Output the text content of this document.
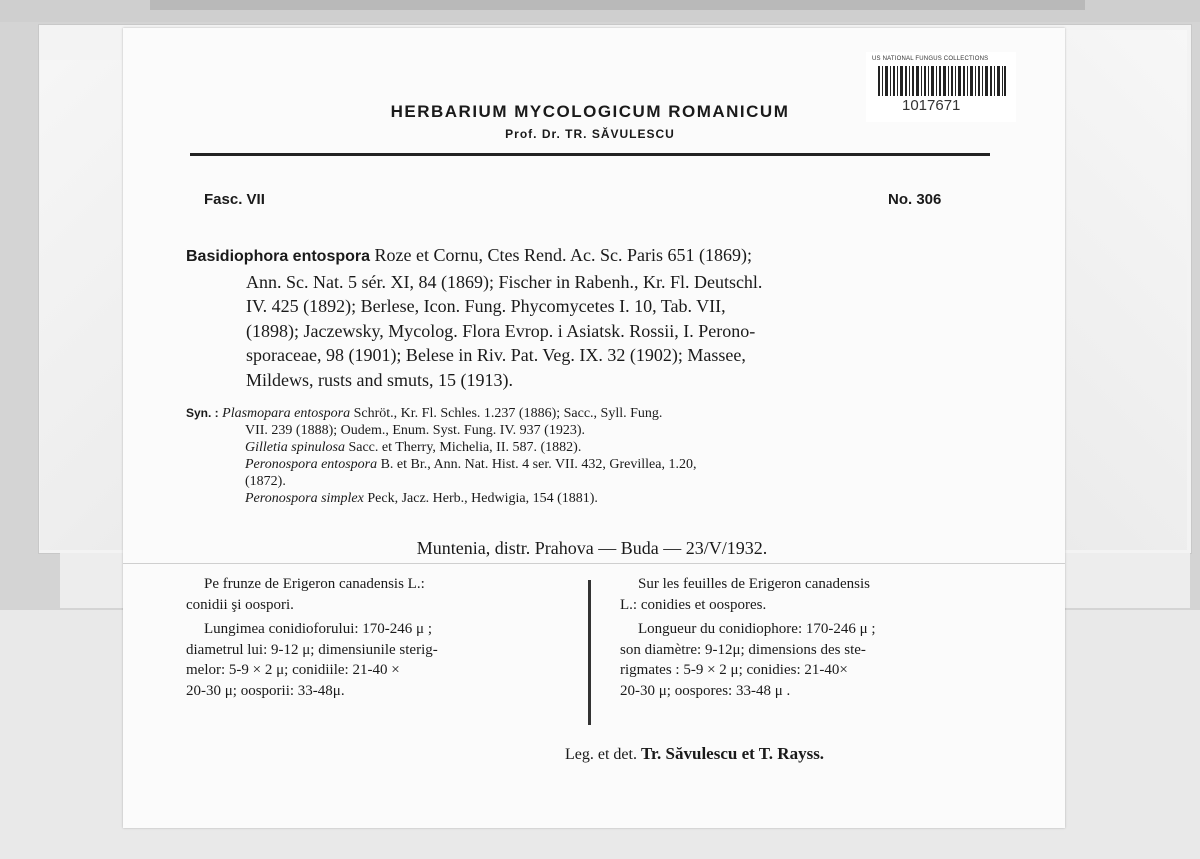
US NATIONAL FUNGUS COLLECTIONS
1017671
HERBARIUM MYCOLOGICUM ROMANICUM
Prof. Dr. TR. SĂVULESCU
Fasc. VII	No. 306
Basidiophora entospora Roze et Cornu, Ctes Rend. Ac. Sc. Paris 651 (1869);
Ann. Sc. Nat. 5 sér. XI, 84 (1869); Fischer in Rabenh., Kr. Fl. Deutschl.
IV. 425 (1892); Berlese, Icon. Fung. Phycomycetes I. 10, Tab. VII,
(1898); Jaczewsky, Mycolog. Flora Evrop. i Asiatsk. Rossii, I. Perono-
sporaceae, 98 (1901); Belese in Riv. Pat. Veg. IX. 32 (1902); Massee,
Mildews, rusts and smuts, 15 (1913).
Syn. : Plasmopara entospora Schröt., Kr. Fl. Schles. 1.237 (1886); Sacc., Syll. Fung.
VII. 239 (1888); Oudem., Enum. Syst. Fung. IV. 937 (1923).
Gilletia spinulosa Sacc. et Therry, Michelia, II. 587. (1882).
Peronospora entospora B. et Br., Ann. Nat. Hist. 4 ser. VII. 432, Grevillea, 1.20,
(1872).
Peronospora simplex Peck, Jacz. Herb., Hedwigia, 154 (1881).
Muntenia, distr. Prahova — Buda — 23/V/1932.
Pe frunze de Erigeron canadensis L.:
conidii şi oospori.
Lungimea conidioforului: 170-246 μ ;
diametrul lui: 9-12 μ; dimensiunile sterig-
melor: 5-9 × 2 μ; conidiile: 21-40 ×
20-30 μ; oosporii: 33-48μ.
Sur les feuilles de Erigeron canadensis
L.: conidies et oospores.
Longueur du conidiophore: 170-246 μ ;
son diamètre: 9-12μ; dimensions des ste-
rigmates : 5-9 × 2 μ; conidies: 21-40×
20-30 μ; oospores: 33-48 μ .
Leg. et det. Tr. Săvulescu et T. Rayss.
